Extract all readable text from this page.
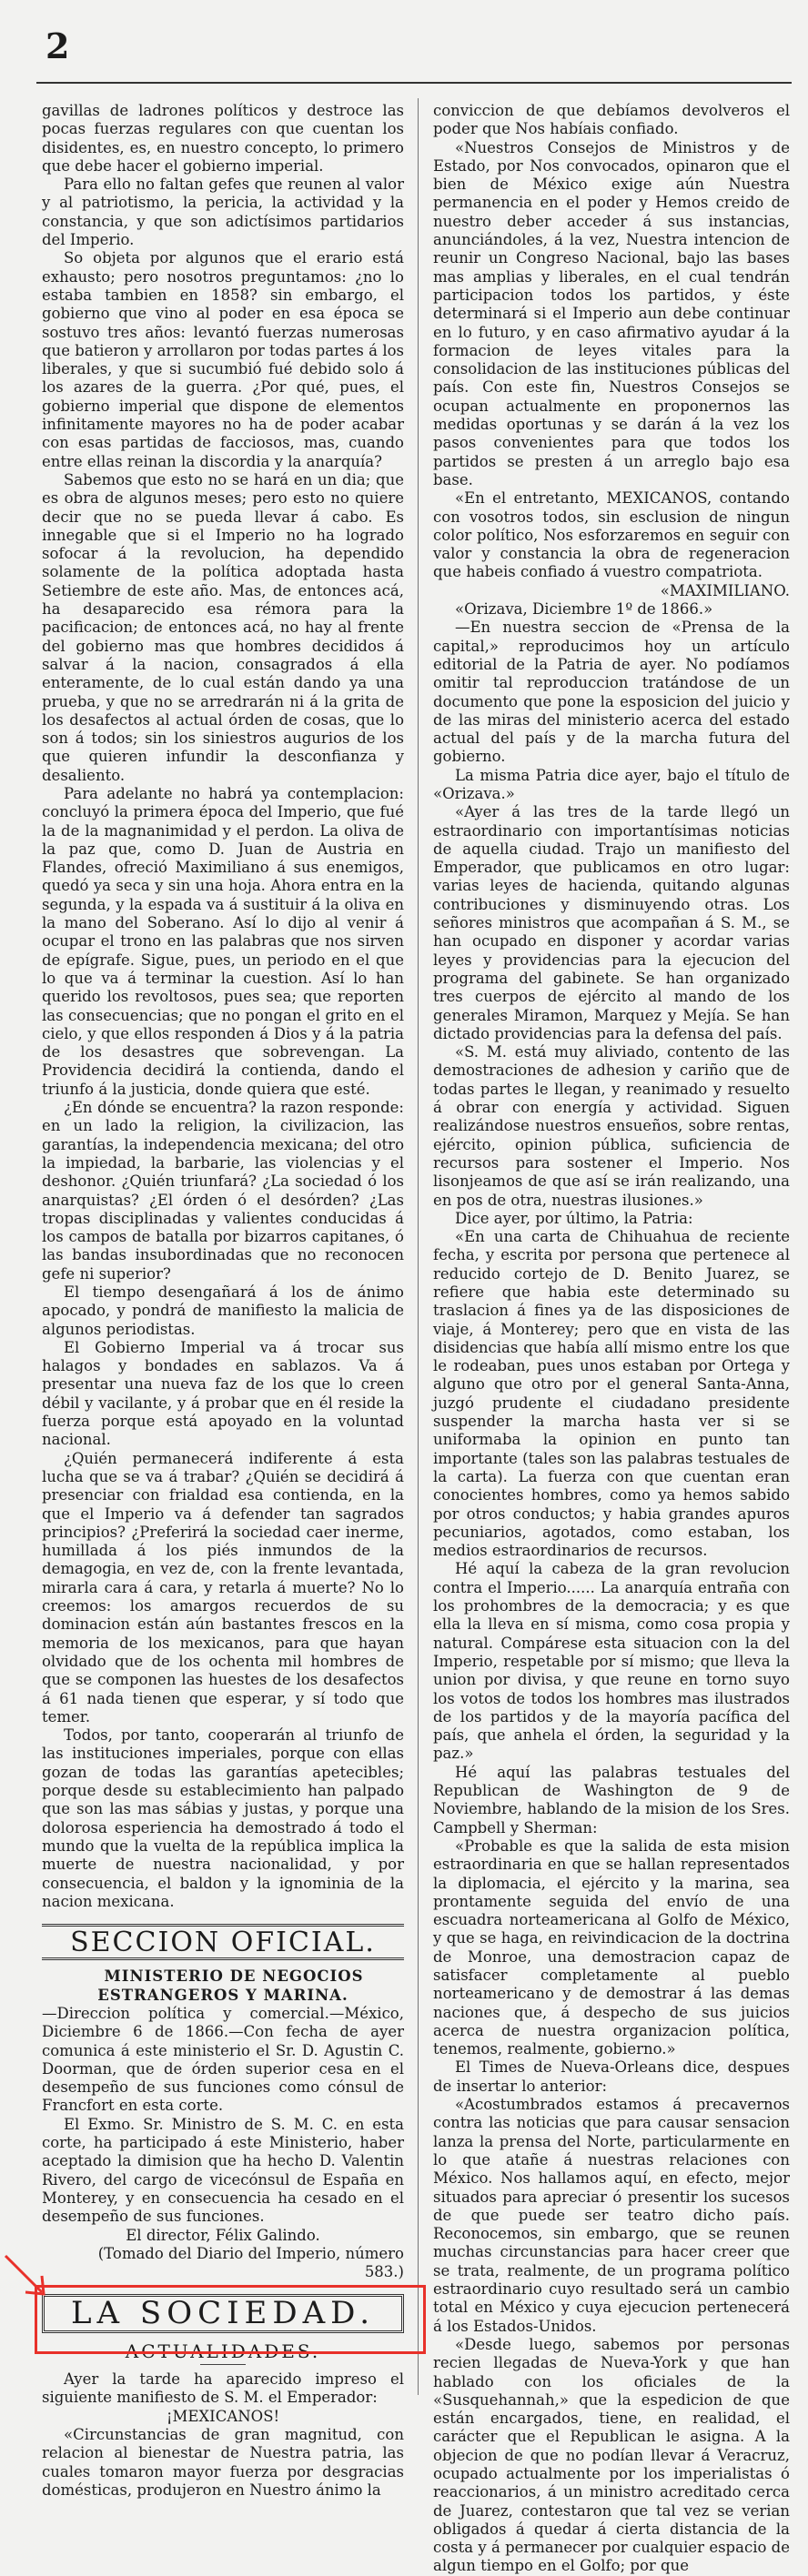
2

gavillas de ladrones políticos y destroce las pocas fuerzas regulares con que cuentan los disidentes, es, en nuestro concepto, lo primero que debe hacer el gobierno imperial.

Para ello no faltan gefes que reunen al valor y al patriotismo, la pericia, la actividad y la constancia, y que son adictísimos partidarios del Imperio.

So objeta por algunos que el erario está exhausto; pero nosotros preguntamos: ¿no lo estaba tambien en 1858? sin embargo, el gobierno que vino al poder en esa época se sostuvo tres años: levantó fuerzas numerosas que batieron y arrollaron por todas partes á los liberales, y que si sucumbió fué debido solo á los azares de la guerra. ¿Por qué, pues, el gobierno imperial que dispone de elementos infinitamente mayores no ha de poder acabar con esas partidas de facciosos, mas, cuando entre ellas reinan la discordia y la anarquía?

Sabemos que esto no se hará en un dia; que es obra de algunos meses; pero esto no quiere decir que no se pueda llevar á cabo. Es innegable que si el Imperio no ha logrado sofocar á la revolucion, ha dependido solamente de la política adoptada hasta Setiembre de este año. Mas, de entonces acá, ha desaparecido esa rémora para la pacificacion; de entonces acá, no hay al frente del gobierno mas que hombres decididos á salvar á la nacion, consagrados á ella enteramente, de lo cual están dando ya una prueba, y que no se arredrarán ni á la grita de los desafectos al actual órden de cosas, que lo son á todos; sin los siniestros augurios de los que quieren infundir la desconfianza y desaliento.

Para adelante no habrá ya contemplacion: concluyó la primera época del Imperio, que fué la de la magnanimidad y el perdon. La oliva de la paz que, como D. Juan de Austria en Flandes, ofreció Maximiliano á sus enemigos, quedó ya seca y sin una hoja. Ahora entra en la segunda, y la espada va á sustituir á la oliva en la mano del Soberano. Así lo dijo al venir á ocupar el trono en las palabras que nos sirven de epígrafe. Sigue, pues, un periodo en el que lo que va á terminar la cuestion. Así lo han querido los revoltosos, pues sea; que reporten las consecuencias; que no pongan el grito en el cielo, y que ellos responden á Dios y á la patria de los desastres que sobrevengan. La Providencia decidirá la contienda, dando el triunfo á la justicia, donde quiera que esté.

¿En dónde se encuentra? la razon responde: en un lado la religion, la civilizacion, las garantías, la independencia mexicana; del otro la impiedad, la barbarie, las violencias y el deshonor. ¿Quién triunfará? ¿La sociedad ó los anarquistas? ¿El órden ó el desórden? ¿Las tropas disciplinadas y valientes conducidas á los campos de batalla por bizarros capitanes, ó las bandas insubordinadas que no reconocen gefe ni superior?

El tiempo desengañará á los de ánimo apocado, y pondrá de manifiesto la malicia de algunos periodistas.

El Gobierno Imperial va á trocar sus halagos y bondades en sablazos. Va á presentar una nueva faz de los que lo creen débil y vacilante, y á probar que en él reside la fuerza porque está apoyado en la voluntad nacional.

¿Quién permanecerá indiferente á esta lucha que se va á trabar? ¿Quién se decidirá á presenciar con frialdad esa contienda, en la que el Imperio va á defender tan sagrados principios? ¿Preferirá la sociedad caer inerme, humillada á los piés inmundos de la demagogia, en vez de, con la frente levantada, mirarla cara á cara, y retarla á muerte? No lo creemos: los amargos recuerdos de su dominacion están aún bastantes frescos en la memoria de los mexicanos, para que hayan olvidado que de los ochenta mil hombres de que se componen las huestes de los desafectos á 61 nada tienen que esperar, y sí todo que temer.

Todos, por tanto, cooperarán al triunfo de las instituciones imperiales, porque con ellas gozan de todas las garantías apetecibles; porque desde su establecimiento han palpado que son las mas sábias y justas, y porque una dolorosa esperiencia ha demostrado á todo el mundo que la vuelta de la república implica la muerte de nuestra nacionalidad, y por consecuencia, el baldon y la ignominia de la nacion mexicana.

SECCION OFICIAL.

MINISTERIO DE NEGOCIOS ESTRANGEROS Y MARINA.

—Direccion política y comercial.—México, Diciembre 6 de 1866.—Con fecha de ayer comunica á este ministerio el Sr. D. Agustin C. Doorman, que de órden superior cesa en el desempeño de sus funciones como cónsul de Francfort en esta corte.

El Exmo. Sr. Ministro de S. M. C. en esta corte, ha participado á este Ministerio, haber aceptado la dimision que ha hecho D. Valentin Rivero, del cargo de vicecónsul de España en Monterey, y en consecuencia ha cesado en el desempeño de sus funciones.

El director, Félix Galindo.

(Tomado del Diario del Imperio, número 583.)

LA SOCIEDAD.
ACTUALIDADES.

Ayer la tarde ha aparecido impreso el siguiente manifiesto de S. M. el Emperador:

¡MEXICANOS!

«Circunstancias de gran magnitud, con relacion al bienestar de Nuestra patria, las cuales tomaron mayor fuerza por desgracias domésticas, produjeron en Nuestro ánimo la

conviccion de que debíamos devolveros el poder que Nos habíais confiado.

«Nuestros Consejos de Ministros y de Estado, por Nos convocados, opinaron que el bien de México exige aún Nuestra permanencia en el poder y Hemos creido de nuestro deber acceder á sus instancias, anunciándoles, á la vez, Nuestra intencion de reunir un Congreso Nacional, bajo las bases mas amplias y liberales, en el cual tendrán participacion todos los partidos, y éste determinará si el Imperio aun debe continuar en lo futuro, y en caso afirmativo ayudar á la formacion de leyes vitales para la consolidacion de las instituciones públicas del país. Con este fin, Nuestros Consejos se ocupan actualmente en proponernos las medidas oportunas y se darán á la vez los pasos convenientes para que todos los partidos se presten á un arreglo bajo esa base.

«En el entretanto, MEXICANOS, contando con vosotros todos, sin esclusion de ningun color político, Nos esforzaremos en seguir con valor y constancia la obra de regeneracion que habeis confiado á vuestro compatriota.

«MAXIMILIANO.

«Orizava, Diciembre 1º de 1866.»

—En nuestra seccion de «Prensa de la capital,» reproducimos hoy un artículo editorial de la Patria de ayer. No podíamos omitir tal reproduccion tratándose de un documento que pone la esposicion del juicio y de las miras del ministerio acerca del estado actual del país y de la marcha futura del gobierno.

La misma Patria dice ayer, bajo el título de «Orizava.»

«Ayer á las tres de la tarde llegó un estraordinario con importantísimas noticias de aquella ciudad. Trajo un manifiesto del Emperador, que publicamos en otro lugar: varias leyes de hacienda, quitando algunas contribuciones y disminuyendo otras. Los señores ministros que acompañan á S. M., se han ocupado en disponer y acordar varias leyes y providencias para la ejecucion del programa del gabinete. Se han organizado tres cuerpos de ejército al mando de los generales Miramon, Marquez y Mejía. Se han dictado providencias para la defensa del país.

«S. M. está muy aliviado, contento de las demostraciones de adhesion y cariño que de todas partes le llegan, y reanimado y resuelto á obrar con energía y actividad. Siguen realizándose nuestros ensueños, sobre rentas, ejército, opinion pública, suficiencia de recursos para sostener el Imperio. Nos lisonjeamos de que así se irán realizando, una en pos de otra, nuestras ilusiones.»

Dice ayer, por último, la Patria:

«En una carta de Chihuahua de reciente fecha, y escrita por persona que pertenece al reducido cortejo de D. Benito Juarez, se refiere que habia este determinado su traslacion á fines ya de las disposiciones de viaje, á Monterey; pero que en vista de las disidencias que había allí mismo entre los que le rodeaban, pues unos estaban por Ortega y alguno que otro por el general Santa-Anna, juzgó prudente el ciudadano presidente suspender la marcha hasta ver si se uniformaba la opinion en punto tan importante (tales son las palabras testuales de la carta). La fuerza con que cuentan eran conocientes hombres, como ya hemos sabido por otros conductos; y habia grandes apuros pecuniarios, agotados, como estaban, los medios estraordinarios de recursos.

Hé aquí la cabeza de la gran revolucion contra el Imperio...... La anarquía entraña con los prohombres de la democracia; y es que ella la lleva en sí misma, como cosa propia y natural. Compárese esta situacion con la del Imperio, respetable por sí mismo; que lleva la union por divisa, y que reune en torno suyo los votos de todos los hombres mas ilustrados de los partidos y de la mayoría pacífica del país, que anhela el órden, la seguridad y la paz.»

Hé aquí las palabras testuales del Republican de Washington de 9 de Noviembre, hablando de la mision de los Sres. Campbell y Sherman:

«Probable es que la salida de esta mision estraordinaria en que se hallan representados la diplomacia, el ejército y la marina, sea prontamente seguida del envío de una escuadra norteamericana al Golfo de México, y que se haga, en reivindicacion de la doctrina de Monroe, una demostracion capaz de satisfacer completamente al pueblo norteamericano y de demostrar á las demas naciones que, á despecho de sus juicios acerca de nuestra organizacion política, tenemos, realmente, gobierno.»

El Times de Nueva-Orleans dice, despues de insertar lo anterior:

«Acostumbrados estamos á precavernos contra las noticias que para causar sensacion lanza la prensa del Norte, particularmente en lo que atañe á nuestras relaciones con México. Nos hallamos aquí, en efecto, mejor situados para apreciar ó presentir los sucesos de que puede ser teatro dicho país. Reconocemos, sin embargo, que se reunen muchas circunstancias para hacer creer que se trata, realmente, de un programa político estraordinario cuyo resultado será un cambio total en México y cuya ejecucion pertenecerá á los Estados-Unidos.

«Desde luego, sabemos por personas recien llegadas de Nueva-York y que han hablado con los oficiales de la «Susquehannah,» que la espedicion de que están encargados, tiene, en realidad, el carácter que el Republican le asigna. A la objecion de que no podían llevar á Veracruz, ocupado actualmente por los imperialistas ó reaccionarios, á un ministro acreditado cerca de Juarez, contestaron que tal vez se verian obligados á quedar á cierta distancia de la costa y á permanecer por cualquier espacio de algun tiempo en el Golfo; por que
